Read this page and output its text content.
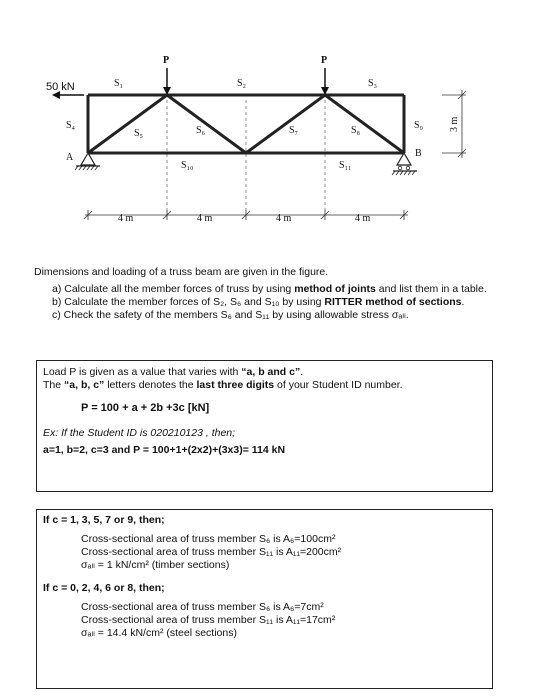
P	P
50 kN	S₁	S₂	S₃
S₄
S₅	S₆	S₇	S₈	S₉
S₁₀	S₁₁
A	B
3 m
4 m	4 m	4 m	4 m
Dimensions and loading of a truss beam are given in the figure.
a) Calculate all the member forces of truss by using method of joints and list them in a table.
b) Calculate the member forces of S₂, S₆ and S₁₀ by using RITTER method of sections.
c) Check the safety of the members S₆ and S₁₁ by using allowable stress σₐₗₗ.
Load P is given as a value that varies with “a, b and c”.
The “a, b, c” letters denotes the last three digits of your Student ID number.
P = 100 + a + 2b +3c [kN]
Ex: If the Student ID is 020210123 , then;
a=1, b=2, c=3 and P = 100+1+(2x2)+(3x3)= 114 kN
If c = 1, 3, 5, 7 or 9, then;
Cross-sectional area of truss member S₆ is A₆=100cm²
Cross-sectional area of truss member S₁₁ is A₁₁=200cm²
σₐₗₗ = 1 kN/cm² (timber sections)
If c = 0, 2, 4, 6 or 8, then;
Cross-sectional area of truss member S₆ is A₆=7cm²
Cross-sectional area of truss member S₁₁ is A₁₁=17cm²
σₐₗₗ = 14.4 kN/cm² (steel sections)
